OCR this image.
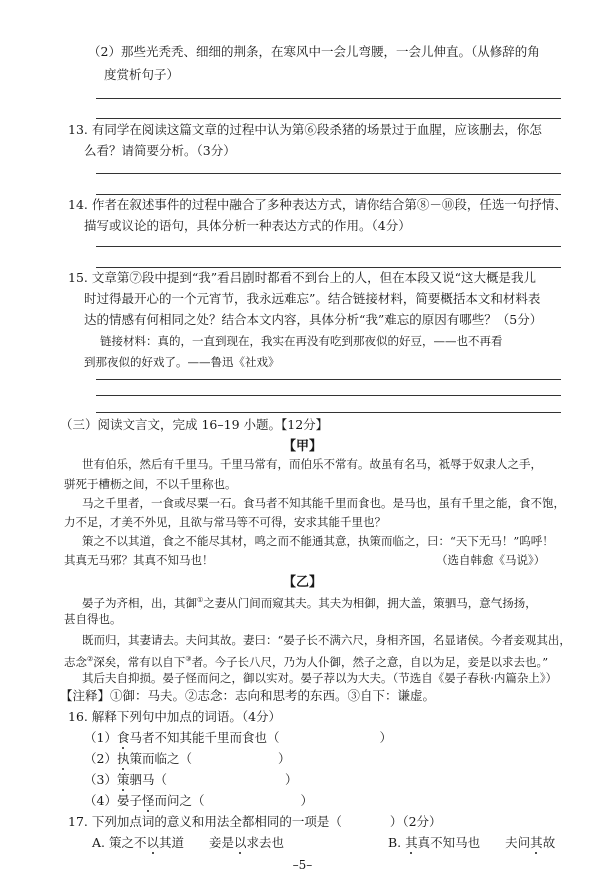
（2）那些光秃秃、细细的荆条，在寒风中一会儿弯腰，一会儿伸直。（从修辞的角
度赏析句子）
13. 有同学在阅读这篇文章的过程中认为第⑥段杀猪的场景过于血腥，应该删去，你怎
么看？请简要分析。（3分）
14. 作者在叙述事件的过程中融合了多种表达方式，请你结合第⑧－⑩段，任选一句抒情、
描写或议论的语句，具体分析一种表达方式的作用。（4分）
15. 文章第⑦段中提到“我”看吕剧时都看不到台上的人，但在本段又说“这大概是我儿
时过得最开心的一个元宵节，我永远难忘”。结合链接材料，简要概括本文和材料表
达的情感有何相同之处？结合本文内容，具体分析“我”难忘的原因有哪些？（5分）
链接材料：真的，一直到现在，我实在再没有吃到那夜似的好豆，——也不再看
到那夜似的好戏了。——鲁迅《社戏》
（三）阅读文言文，完成 16–19 小题。【12分】
【甲】
世有伯乐，然后有千里马。千里马常有，而伯乐不常有。故虽有名马，祗辱于奴隶人之手，
骈死于槽枥之间，不以千里称也。
马之千里者，一食或尽粟一石。食马者不知其能千里而食也。是马也，虽有千里之能，食不饱，
力不足，才美不外见，且欲与常马等不可得，安求其能千里也？
策之不以其道，食之不能尽其材，鸣之而不能通其意，执策而临之，曰：“天下无马！”呜呼！
其真无马邪？其真不知马也！	（选自韩愈《马说》）
【乙】
晏子为齐相，出，其御①之妻从门间而窥其夫。其夫为相御，拥大盖，策驷马，意气扬扬，
甚自得也。
既而归，其妻请去。夫问其故。妻曰：“晏子长不满六尺，身相齐国，名显诸侯。今者妾观其出，
志念②深矣，常有以自下③者。今子长八尺，乃为人仆御，然子之意，自以为足，妾是以求去也。”
其后夫自抑损。晏子怪而问之，御以实对。晏子荐以为大夫。（节选自《晏子春秋·内篇杂上》）
【注释】①御：马夫。②志念：志向和思考的东西。③自下：谦虚。
16. 解释下列句中加点的词语。（4分）
（1）食马者不知其能千里而食也（	）
（2）执策而临之（	）
（3）策驷马（	）
（4）晏子怪而问之（	）
17. 下列加点词的意义和用法全都相同的一项是（	）（2分）
A. 策之不以其道　　妾是以求去也	B. 其真不知马也　　夫问其故
–5–
